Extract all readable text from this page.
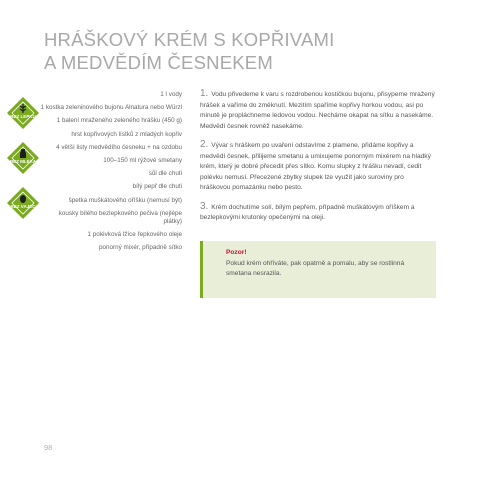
HRÁŠKOVÝ KRÉM S KOPŘIVAMI
A MEDVĚDÍM ČESNEKEM
BEZ LEPKU
BEZ MLÉKA
BEZ VAJEC

1 l vody

1 kostka zeleninového bujonu Alnatura nebo Würzl

1 balení mraženého zeleného hrášku (450 g)

hrst kopřivových lístků z mladých kopřiv

4 větší listy medvědího česneku + na ozdobu

100–150 ml rýžové smetany

sůl dle chuti

bílý pepř dle chuti

špetka muškátového oříšku (nemusí být)

kousky bílého bezlepkového pečiva (nejlépe plátky)

1 polévková lžíce řepkového oleje

ponorný mixér, případně sítko

1. Vodu přivedeme k varu s rozdrobenou kostičkou bujonu, přisypeme mražený hrášek a vaříme do změknutí. Mezitím spaříme kopřivy horkou vodou, asi po minutě je propláchneme ledovou vodou. Necháme okapat na sítku a nasekáme. Medvědí česnek rovněž nasekáme.

2. Vývar s hráškem po uvaření odstavíme z plamene, přidáme kopřivy a medvědí česnek, přilijeme smetanu a umixujeme ponorným mixérem na hladký krém, který je dobré přecedit přes sítko. Komu slupky z hrášku nevadí, cedit polévku nemusí. Přecezené zbytky slupek lze využít jako suroviny pro hráškovou pomazánku nebo pesto.

3. Krém dochutíme solí, bílým pepřem, případně muškátovým oříškem a bezlepkovými krutonky opečenými na oleji.

Pozor!
Pokud krém ohříváte, pak opatrně a pomalu, aby se rostlinná smetana nesrazila.
98
